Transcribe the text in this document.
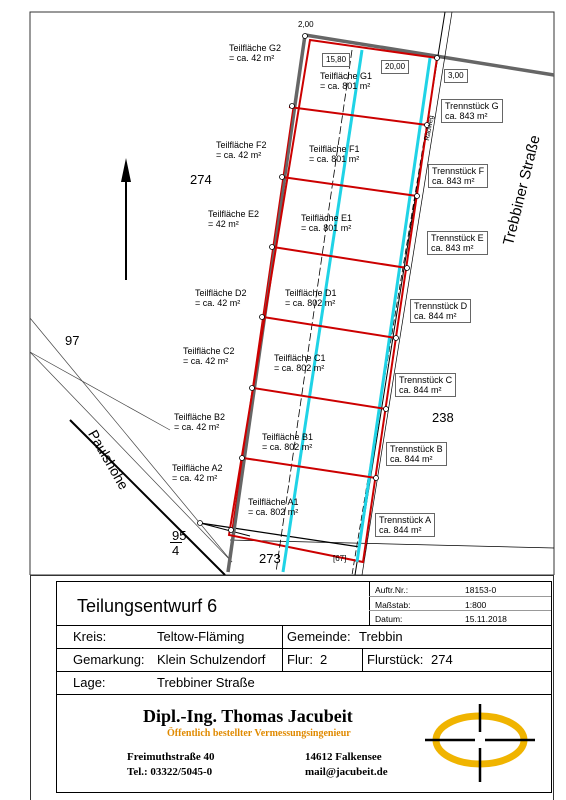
2,00
15,80
20,00
3,00
[67]
Radweg
274
238
273
97
95
4
Trebbiner Straße
Paulshöhe
Teilfläche G2
= ca. 42 m²
Teilfläche F2
= ca. 42 m²
Teilfläche E2
= 42 m²
Teilfläche D2
= ca. 42 m²
Teilfläche C2
= ca. 42 m²
Teilfläche B2
= ca. 42 m²
Teilfläche A2
= ca. 42 m²
Teilfläche G1
= ca. 801 m²
Teilfläche F1
= ca. 801 m²
Teilfläche E1
= ca. 801 m²
Teilfläche D1
= ca. 802 m²
Teilfläche C1
= ca. 802 m²
Teilfläche B1
= ca. 802 m²
Teilfläche A1
= ca. 802 m²
Trennstück G
ca. 843 m²
Trennstück F
ca. 843 m²
Trennstück E
ca. 843 m²
Trennstück D
ca. 844 m²
Trennstück C
ca. 844 m²
Trennstück B
ca. 844 m²
Trennstück A
ca. 844 m²
Teilungsentwurf 6
Auftr.Nr.:	18153-0
Maßstab:	1:800
Datum:	15.11.2018
Kreis:	Teltow-Fläming	Gemeinde: Trebbin
Gemarkung: Klein Schulzendorf Flur: 2	Flurstück: 274
Lage:	Trebbiner Straße
Dipl.-Ing. Thomas Jacubeit
Öffentlich bestellter Vermessungsingenieur
Freimuthstraße 40	14612 Falkensee
Tel.: 03322/5045-0	mail@jacubeit.de
